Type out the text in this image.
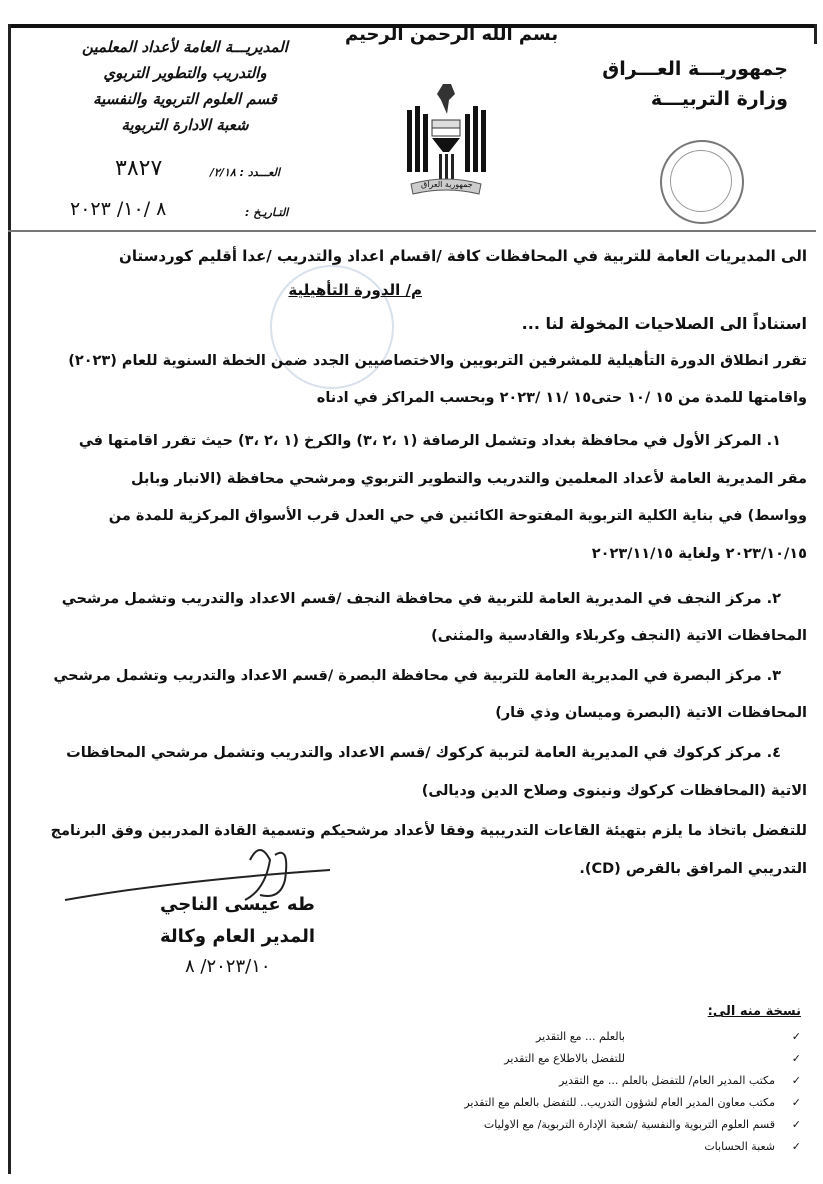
بسم الله الرحمن الرحيم
المديريـــة العامة لأعداد المعلمين
والتدريب والتطوير التربوي
قسم العلوم التربوية والنفسية
شعبة الادارة التربوية
العـــدد : ٢/١٨/
٣٨٢٧
التـاريـخ :
٨ /١٠/ ٢٠٢٣
جمهورية العراق
جمهوريـــة العـــراق
وزارة التربيـــة
الى المديريات العامة للتربية في المحافظات كافة /اقسام اعداد والتدريب /عدا أقليم كوردستان
م/ الدورة التأهيلية
استناداً الى الصلاحيات المخولة لنا ...
تقرر انطلاق الدورة التأهيلية للمشرفين التربويين والاختصاصيين الجدد ضمن الخطة السنوية للعام (٢٠٢٣)
واقامتها للمدة من ١٥ /١٠ حتى١٥ /١١ /٢٠٢٣ وبحسب المراكز في ادناه
١. المركز الأول في محافظة بغداد وتشمل الرصافة (١ ،٢ ،٣) والكرخ (١ ،٢ ،٣) حيث تقرر اقامتها في
مقر المديرية العامة لأعداد المعلمين والتدريب والتطوير التربوي ومرشحي محافظة (الانبار وبابل
وواسط) في بناية الكلية التربوية المفتوحة الكائنين في حي العدل قرب الأسواق المركزية للمدة من
٢٠٢٣/١٠/١٥ ولغاية ٢٠٢٣/١١/١٥
٢. مركز النجف في المديرية العامة للتربية في محافظة النجف /قسم الاعداد والتدريب وتشمل مرشحي
المحافظات الاتية (النجف وكربلاء والقادسية والمثنى)
٣. مركز البصرة في المديرية العامة للتربية في محافظة البصرة /قسم الاعداد والتدريب وتشمل مرشحي
المحافظات الاتية (البصرة وميسان وذي قار)
٤. مركز كركوك في المديرية العامة لتربية كركوك /قسم الاعداد والتدريب وتشمل مرشحي المحافظات
الاتية (المحافظات كركوك ونينوى وصلاح الدين وديالى)
للتفضل باتخاذ ما يلزم بتهيئة القاعات التدريبية وفقا لأعداد مرشحيكم وتسمية القادة المدربين وفق البرنامج
التدريبي المرافق بالقرص (CD).
طه عيسى الناجي
المدير العام وكالة
٢٠٢٣/١٠/ ٨
نسخة منه الى:
✓
بالعلم ... مع التقدير
✓
للتفضل بالاطلاع مع التقدير
✓
مكتب المدير العام/ للتفضل بالعلم ... مع التقدير
✓
مكتب معاون المدير العام لشؤون التدريب.. للتفضل بالعلم مع التقدير
✓
قسم العلوم التربوية والنفسية /شعبة الإدارة التربوية/ مع الاوليات
✓
شعبة الحسابات
